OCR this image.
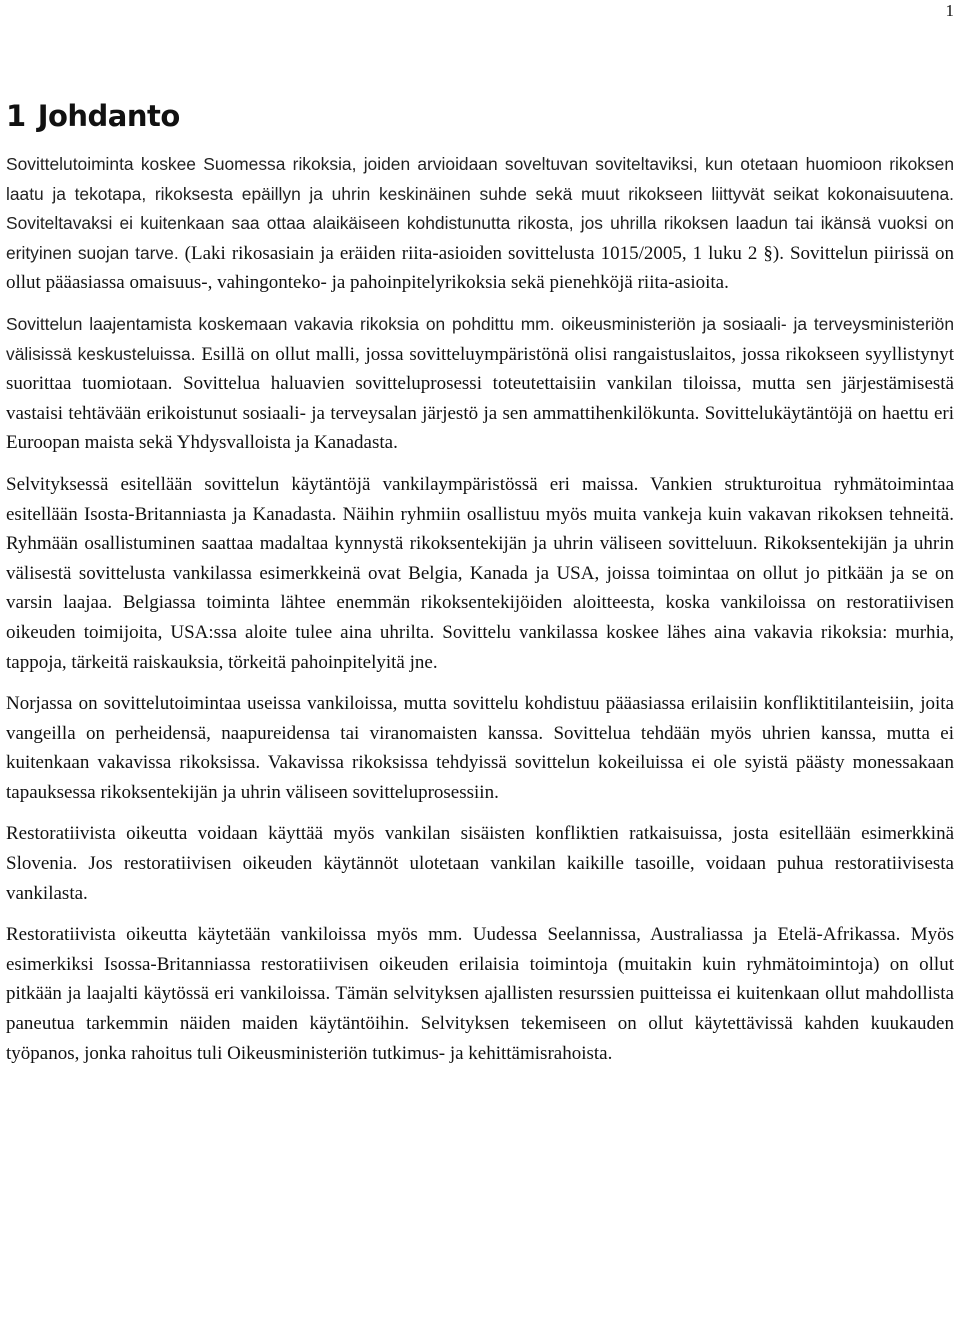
1
1 Johdanto

Sovittelutoiminta koskee Suomessa rikoksia, joiden arvioidaan soveltuvan soviteltaviksi, kun otetaan huomioon rikoksen laatu ja tekotapa, rikoksesta epäillyn ja uhrin keskinäinen suhde sekä muut rikokseen liittyvät seikat kokonaisuutena. Soviteltavaksi ei kuitenkaan saa ottaa alaikäiseen kohdistunutta rikosta, jos uhrilla rikoksen laadun tai ikänsä vuoksi on erityinen suojan tarve. (Laki rikosasiain ja eräiden riita-asioiden sovittelusta 1015/2005, 1 luku 2 §). Sovittelun piirissä on ollut pääasiassa omaisuus-, vahingonteko- ja pahoinpitelyrikoksia sekä pienehköjä riita-asioita.

Sovittelun laajentamista koskemaan vakavia rikoksia on pohdittu mm. oikeusministeriön ja sosiaali- ja terveysministeriön välisissä keskusteluissa. Esillä on ollut malli, jossa sovitteluympäristönä olisi rangaistuslaitos, jossa rikokseen syyllistynyt suorittaa tuomiotaan. Sovittelua haluavien sovitteluprosessi toteutettaisiin vankilan tiloissa, mutta sen järjestämisestä vastaisi tehtävään erikoistunut sosiaali- ja terveysalan järjestö ja sen ammattihenkilökunta. Sovittelukäytäntöjä on haettu eri Euroopan maista sekä Yhdysvalloista ja Kanadasta.

Selvityksessä esitellään sovittelun käytäntöjä vankilaympäristössä eri maissa. Vankien strukturoitua ryhmätoimintaa esitellään Isosta-Britanniasta ja Kanadasta. Näihin ryhmiin osallistuu myös muita vankeja kuin vakavan rikoksen tehneitä. Ryhmään osallistuminen saattaa madaltaa kynnystä rikoksentekijän ja uhrin väliseen sovitteluun. Rikoksentekijän ja uhrin välisestä sovittelusta vankilassa esimerkkeinä ovat Belgia, Kanada ja USA, joissa toimintaa on ollut jo pitkään ja se on varsin laajaa. Belgiassa toiminta lähtee enemmän rikoksentekijöiden aloitteesta, koska vankiloissa on restoratiivisen oikeuden toimijoita, USA:ssa aloite tulee aina uhrilta. Sovittelu vankilassa koskee lähes aina vakavia rikoksia: murhia, tappoja, tärkeitä raiskauksia, törkeitä pahoinpitelyitä jne.

Norjassa on sovittelutoimintaa useissa vankiloissa, mutta sovittelu kohdistuu pääasiassa erilaisiin konfliktitilanteisiin, joita vangeilla on perheidensä, naapureidensa tai viranomaisten kanssa. Sovittelua tehdään myös uhrien kanssa, mutta ei kuitenkaan vakavissa rikoksissa. Vakavissa rikoksissa tehdyissä sovittelun kokeiluissa ei ole syistä päästy monessakaan tapauksessa rikoksentekijän ja uhrin väliseen sovitteluprosessiin.

Restoratiivista oikeutta voidaan käyttää myös vankilan sisäisten konfliktien ratkaisuissa, josta esitellään esimerkkinä Slovenia. Jos restoratiivisen oikeuden käytännöt ulotetaan vankilan kaikille tasoille, voidaan puhua restoratiivisesta vankilasta.

Restoratiivista oikeutta käytetään vankiloissa myös mm. Uudessa Seelannissa, Australiassa ja Etelä-Afrikassa. Myös esimerkiksi Isossa-Britanniassa restoratiivisen oikeuden erilaisia toimintoja (muitakin kuin ryhmätoimintoja) on ollut pitkään ja laajalti käytössä eri vankiloissa. Tämän selvityksen ajallisten resurssien puitteissa ei kuitenkaan ollut mahdollista paneutua tarkemmin näiden maiden käytäntöihin. Selvityksen tekemiseen on ollut käytettävissä kahden kuukauden työpanos, jonka rahoitus tuli Oikeusministeriön tutkimus- ja kehittämisrahoista.
